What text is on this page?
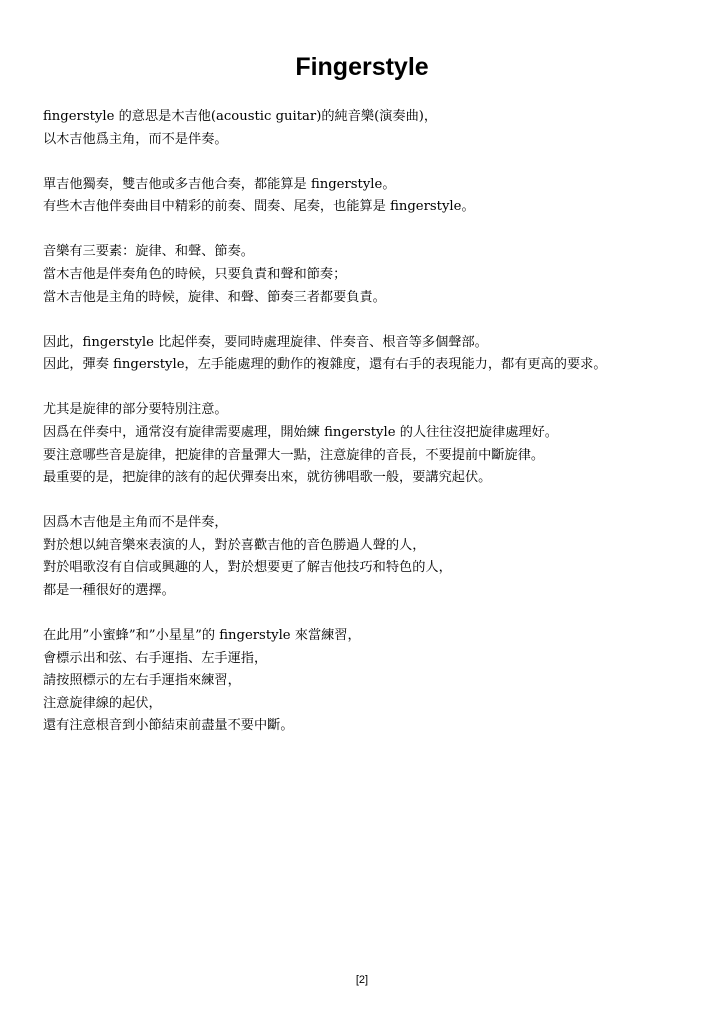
Fingerstyle

fingerstyle 的意思是木吉他(acoustic guitar)的純音樂(演奏曲)，
以木吉他爲主角，而不是伴奏。

單吉他獨奏，雙吉他或多吉他合奏，都能算是 fingerstyle。
有些木吉他伴奏曲目中精彩的前奏、間奏、尾奏，也能算是 fingerstyle。

音樂有三要素：旋律、和聲、節奏。
當木吉他是伴奏角色的時候，只要負責和聲和節奏；
當木吉他是主角的時候，旋律、和聲、節奏三者都要負責。

因此，fingerstyle 比起伴奏，要同時處理旋律、伴奏音、根音等多個聲部。
因此，彈奏 fingerstyle，左手能處理的動作的複雜度，還有右手的表現能力，都有更高的要求。

尤其是旋律的部分要特別注意。
因爲在伴奏中，通常沒有旋律需要處理，開始練 fingerstyle 的人往往沒把旋律處理好。
要注意哪些音是旋律，把旋律的音量彈大一點，注意旋律的音長，不要提前中斷旋律。
最重要的是，把旋律的該有的起伏彈奏出來，就彷彿唱歌一般，要講究起伏。

因爲木吉他是主角而不是伴奏，
對於想以純音樂來表演的人，對於喜歡吉他的音色勝過人聲的人，
對於唱歌沒有自信或興趣的人，對於想要更了解吉他技巧和特色的人，
都是一種很好的選擇。

在此用”小蜜蜂”和”小星星”的 fingerstyle 來當練習，
會標示出和弦、右手運指、左手運指，
請按照標示的左右手運指來練習，
注意旋律線的起伏，
還有注意根音到小節結束前盡量不要中斷。

[2]
